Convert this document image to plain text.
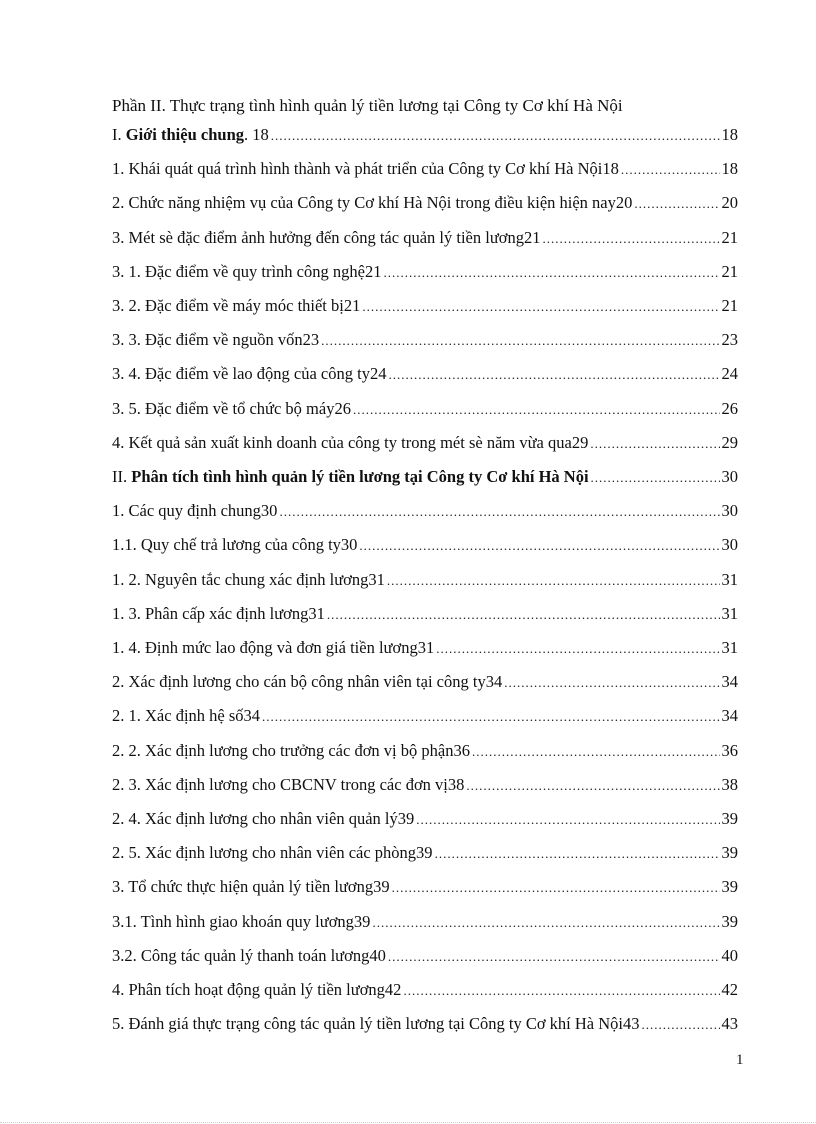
Phần II. Thực trạng tình hình quản lý tiền lương tại Công ty Cơ khí Hà Nội
I. Giới thiệu chung. 18 .....	18
1. Khái quát quá trình hình thành và phát triển của Công ty Cơ khí Hà Nội18 .....	18
2. Chức năng nhiệm vụ của Công ty Cơ khí Hà Nội trong điều kiện hiện nay20 .....	20
3. Mét sè đặc điểm ảnh hưởng đến công tác quản lý tiền lương21 .....	21
3. 1. Đặc điểm về quy trình công nghệ21 .....	21
3. 2. Đặc điểm về máy móc thiết bị21 .....	21
3. 3. Đặc điểm về nguồn vốn23 .....	23
3. 4. Đặc điểm về lao động của công ty24 .....	24
3. 5. Đặc điểm về tổ chức bộ máy26 .....	26
4. Kết quả sản xuất kinh doanh của công ty trong mét sè năm vừa qua29 .....	29
II. Phân tích tình hình quản lý tiền lương tại Công ty Cơ khí Hà Nội .....	30
1. Các quy định chung30 .....	30
1.1. Quy chế trả lương của công ty30 .....	30
1. 2. Nguyên tắc chung xác định lương31 .....	31
1. 3. Phân cấp xác định lương31 .....	31
1. 4. Định mức lao động và đơn giá tiền lương31 .....	31
2. Xác định lương cho cán bộ công nhân viên tại công ty34 .....	34
2. 1. Xác định hệ số34 .....	34
2. 2. Xác định lương cho trưởng các đơn vị bộ phận36 .....	36
2. 3. Xác định lương cho CBCNV trong các đơn vị38 .....	38
2. 4. Xác định lương cho nhân viên quản lý39 .....	39
2. 5. Xác định lương cho nhân viên các phòng39 .....	39
3. Tổ chức thực hiện quản lý tiền lương39 .....	39
3.1. Tình hình giao khoán quy lương39 .....	39
3.2. Công tác quản lý thanh toán lương40 .....	40
4. Phân tích hoạt động quản lý tiền lương42 .....	42
5. Đánh giá thực trạng công tác quản lý tiền lương tại Công ty Cơ khí Hà Nội43 .....	43
1
